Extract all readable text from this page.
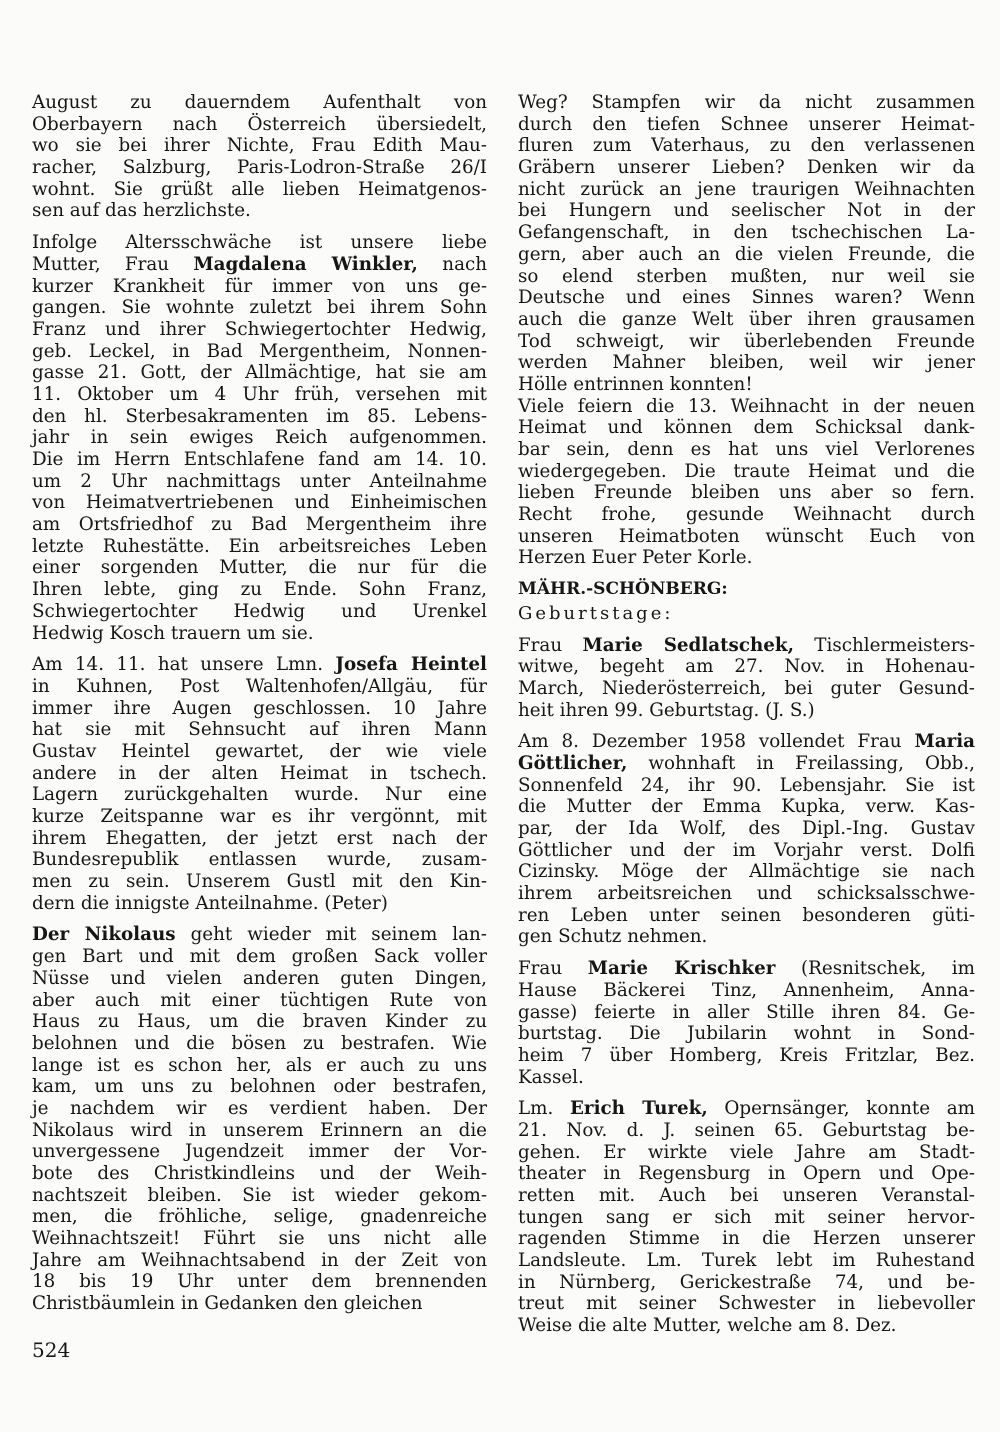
August zu dauerndem Aufenthalt von
Oberbayern nach Österreich übersiedelt,
wo sie bei ihrer Nichte, Frau Edith Mau-
racher, Salzburg, Paris-Lodron-Straße 26/I
wohnt. Sie grüßt alle lieben Heimatgenos-
sen auf das herzlichste.
Infolge Altersschwäche ist unsere liebe
Mutter, Frau Magdalena Winkler, nach
kurzer Krankheit für immer von uns ge-
gangen. Sie wohnte zuletzt bei ihrem Sohn
Franz und ihrer Schwiegertochter Hedwig,
geb. Leckel, in Bad Mergentheim, Nonnen-
gasse 21. Gott, der Allmächtige, hat sie am
11. Oktober um 4 Uhr früh, versehen mit
den hl. Sterbesakramenten im 85. Lebens-
jahr in sein ewiges Reich aufgenommen.
Die im Herrn Entschlafene fand am 14. 10.
um 2 Uhr nachmittags unter Anteilnahme
von Heimatvertriebenen und Einheimischen
am Ortsfriedhof zu Bad Mergentheim ihre
letzte Ruhestätte. Ein arbeitsreiches Leben
einer sorgenden Mutter, die nur für die
Ihren lebte, ging zu Ende. Sohn Franz,
Schwiegertochter Hedwig und Urenkel
Hedwig Kosch trauern um sie.
Am 14. 11. hat unsere Lmn. Josefa Heintel
in Kuhnen, Post Waltenhofen/Allgäu, für
immer ihre Augen geschlossen. 10 Jahre
hat sie mit Sehnsucht auf ihren Mann
Gustav Heintel gewartet, der wie viele
andere in der alten Heimat in tschech.
Lagern zurückgehalten wurde. Nur eine
kurze Zeitspanne war es ihr vergönnt, mit
ihrem Ehegatten, der jetzt erst nach der
Bundesrepublik entlassen wurde, zusam-
men zu sein. Unserem Gustl mit den Kin-
dern die innigste Anteilnahme. (Peter)
Der Nikolaus geht wieder mit seinem lan-
gen Bart und mit dem großen Sack voller
Nüsse und vielen anderen guten Dingen,
aber auch mit einer tüchtigen Rute von
Haus zu Haus, um die braven Kinder zu
belohnen und die bösen zu bestrafen. Wie
lange ist es schon her, als er auch zu uns
kam, um uns zu belohnen oder bestrafen,
je nachdem wir es verdient haben. Der
Nikolaus wird in unserem Erinnern an die
unvergessene Jugendzeit immer der Vor-
bote des Christkindleins und der Weih-
nachtszeit bleiben. Sie ist wieder gekom-
men, die fröhliche, selige, gnadenreiche
Weihnachtszeit! Führt sie uns nicht alle
Jahre am Weihnachtsabend in der Zeit von
18 bis 19 Uhr unter dem brennenden
Christbäumlein in Gedanken den gleichen
Weg? Stampfen wir da nicht zusammen
durch den tiefen Schnee unserer Heimat-
fluren zum Vaterhaus, zu den verlassenen
Gräbern unserer Lieben? Denken wir da
nicht zurück an jene traurigen Weihnachten
bei Hungern und seelischer Not in der
Gefangenschaft, in den tschechischen La-
gern, aber auch an die vielen Freunde, die
so elend sterben mußten, nur weil sie
Deutsche und eines Sinnes waren? Wenn
auch die ganze Welt über ihren grausamen
Tod schweigt, wir überlebenden Freunde
werden Mahner bleiben, weil wir jener
Hölle entrinnen konnten!
Viele feiern die 13. Weihnacht in der neuen
Heimat und können dem Schicksal dank-
bar sein, denn es hat uns viel Verlorenes
wiedergegeben. Die traute Heimat und die
lieben Freunde bleiben uns aber so fern.
Recht frohe, gesunde Weihnacht durch
unseren Heimatboten wünscht Euch von
Herzen Euer Peter Korle.
MÄHR.-SCHÖNBERG:
Geburtstage:
Frau Marie Sedlatschek, Tischlermeisters-
witwe, begeht am 27. Nov. in Hohenau-
March, Niederösterreich, bei guter Gesund-
heit ihren 99. Geburtstag. (J. S.)
Am 8. Dezember 1958 vollendet Frau Maria
Göttlicher, wohnhaft in Freilassing, Obb.,
Sonnenfeld 24, ihr 90. Lebensjahr. Sie ist
die Mutter der Emma Kupka, verw. Kas-
par, der Ida Wolf, des Dipl.-Ing. Gustav
Göttlicher und der im Vorjahr verst. Dolfi
Cizinsky. Möge der Allmächtige sie nach
ihrem arbeitsreichen und schicksalsschwe-
ren Leben unter seinen besonderen güti-
gen Schutz nehmen.
Frau Marie Krischker (Resnitschek, im
Hause Bäckerei Tinz, Annenheim, Anna-
gasse) feierte in aller Stille ihren 84. Ge-
burtstag. Die Jubilarin wohnt in Sond-
heim 7 über Homberg, Kreis Fritzlar, Bez.
Kassel.
Lm. Erich Turek, Opernsänger, konnte am
21. Nov. d. J. seinen 65. Geburtstag be-
gehen. Er wirkte viele Jahre am Stadt-
theater in Regensburg in Opern und Ope-
retten mit. Auch bei unseren Veranstal-
tungen sang er sich mit seiner hervor-
ragenden Stimme in die Herzen unserer
Landsleute. Lm. Turek lebt im Ruhestand
in Nürnberg, Gerickestraße 74, und be-
treut mit seiner Schwester in liebevoller
Weise die alte Mutter, welche am 8. Dez.
524
